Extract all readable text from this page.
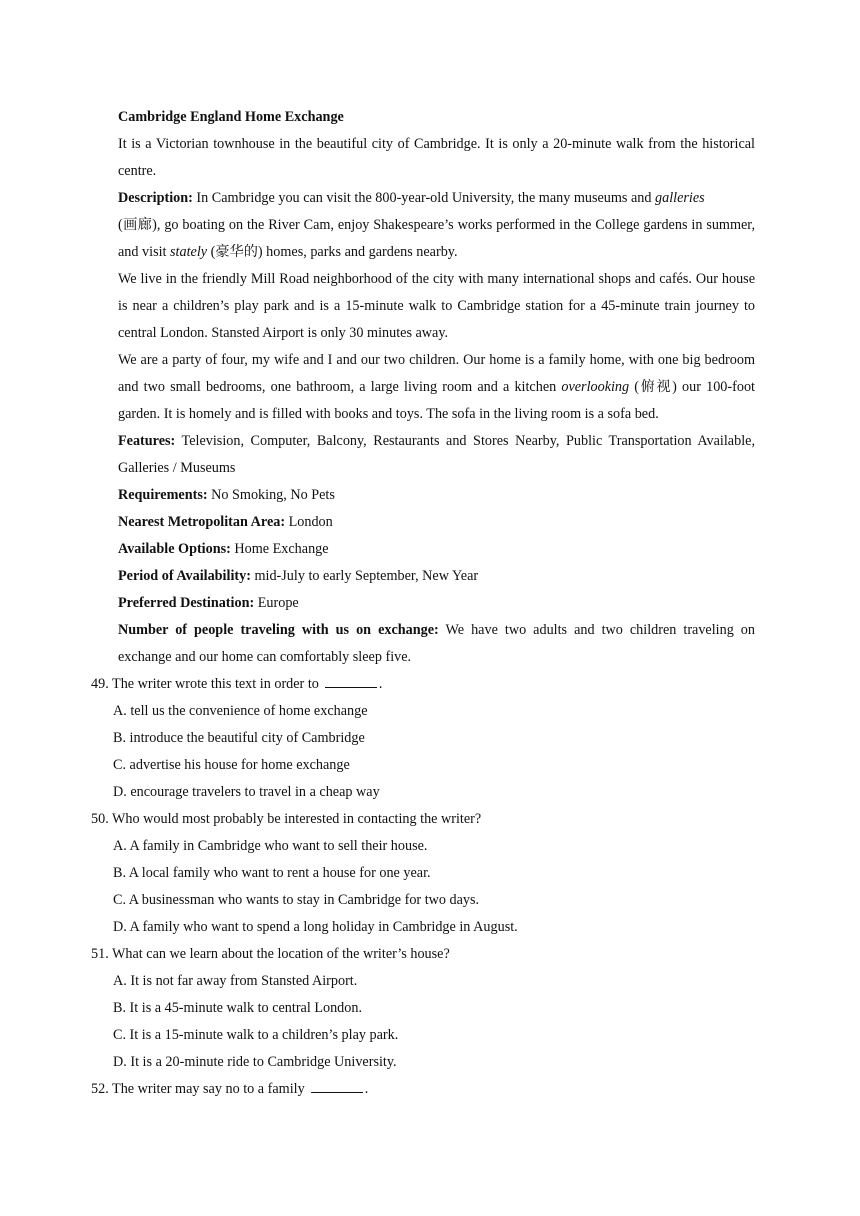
Cambridge England Home Exchange

It is a Victorian townhouse in the beautiful city of Cambridge. It is only a 20-minute walk from the historical centre.

Description: In Cambridge you can visit the 800-year-old University, the many museums and galleries
(画廊), go boating on the River Cam, enjoy Shakespeare’s works performed in the College gardens in summer, and visit stately (豪华的) homes, parks and gardens nearby.

We live in the friendly Mill Road neighborhood of the city with many international shops and cafés. Our house is near a children’s play park and is a 15-minute walk to Cambridge station for a 45-minute train journey to central London. Stansted Airport is only 30 minutes away.

We are a party of four, my wife and I and our two children. Our home is a family home, with one big bedroom and two small bedrooms, one bathroom, a large living room and a kitchen overlooking (俯视) our 100-foot garden. It is homely and is filled with books and toys. The sofa in the living room is a sofa bed.

Features: Television, Computer, Balcony, Restaurants and Stores Nearby, Public Transportation Available, Galleries / Museums

Requirements: No Smoking, No Pets
Nearest Metropolitan Area: London
Available Options: Home Exchange
Period of Availability: mid-July to early September, New Year
Preferred Destination: Europe

Number of people traveling with us on exchange: We have two adults and two children traveling on exchange and our home can comfortably sleep five.

49. The writer wrote this text in order to	.
A. tell us the convenience of home exchange
B. introduce the beautiful city of Cambridge
C. advertise his house for home exchange
D. encourage travelers to travel in a cheap way
50. Who would most probably be interested in contacting the writer?
A. A family in Cambridge who want to sell their house.
B. A local family who want to rent a house for one year.
C. A businessman who wants to stay in Cambridge for two days.
D. A family who want to spend a long holiday in Cambridge in August.
51. What can we learn about the location of the writer’s house?
A. It is not far away from Stansted Airport.
B. It is a 45-minute walk to central London.
C. It is a 15-minute walk to a children’s play park.
D. It is a 20-minute ride to Cambridge University.
52. The writer may say no to a family	.
